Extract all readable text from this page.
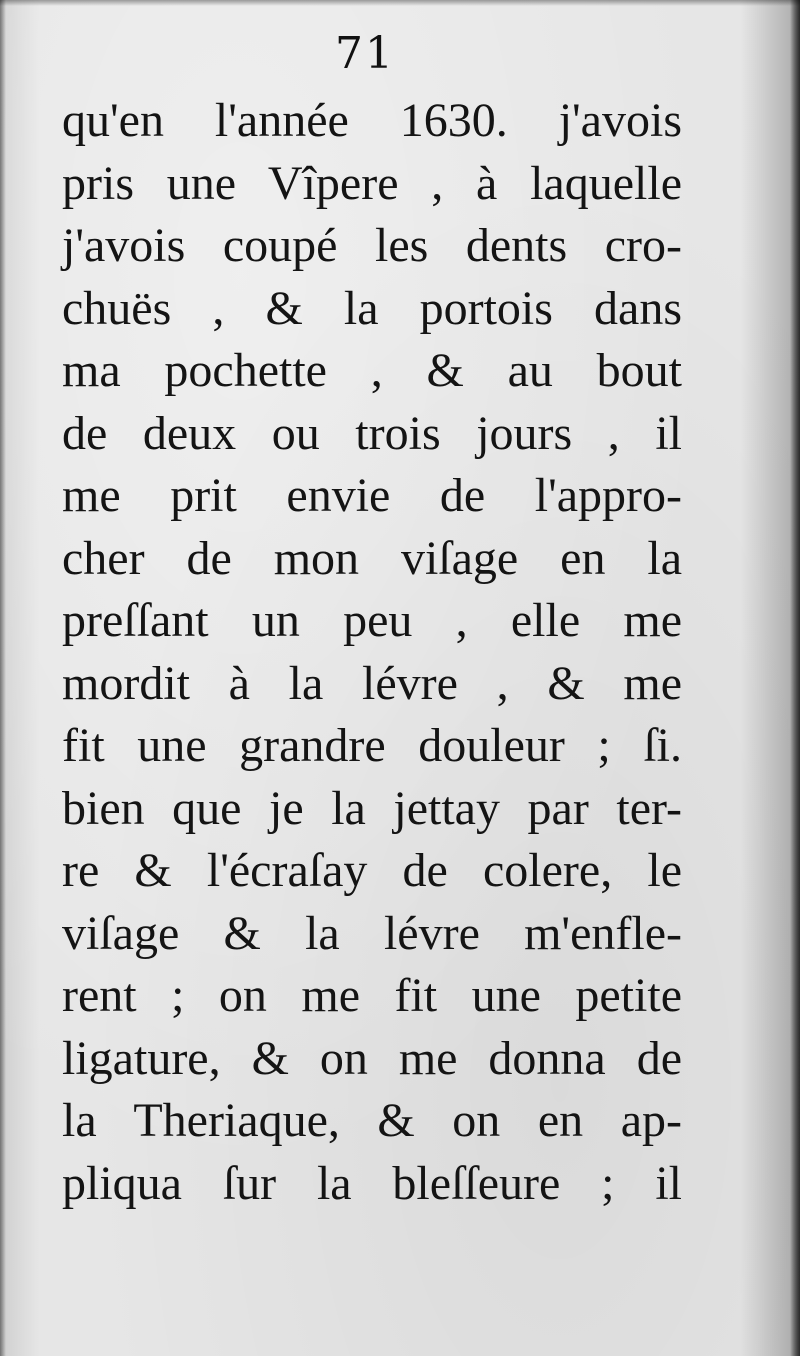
71
qu'en l'année 1630. j'avois
pris une Vîpere , à laquelle
j'avois coupé les dents cro-
chuës , & la portois dans
ma pochette , & au bout
de deux ou trois jours , il
me prit envie de l'appro-
cher de mon viſage en la
preſſant un peu , elle me
mordit à la lévre , & me
fit une grandre douleur ; ſi.
bien que je la jettay par ter-
re & l'écraſay de colere, le
viſage & la lévre m'enfle-
rent ; on me fit une petite
ligature, & on me donna de
la Theriaque, & on en ap-
pliqua ſur la bleſſeure ; il
